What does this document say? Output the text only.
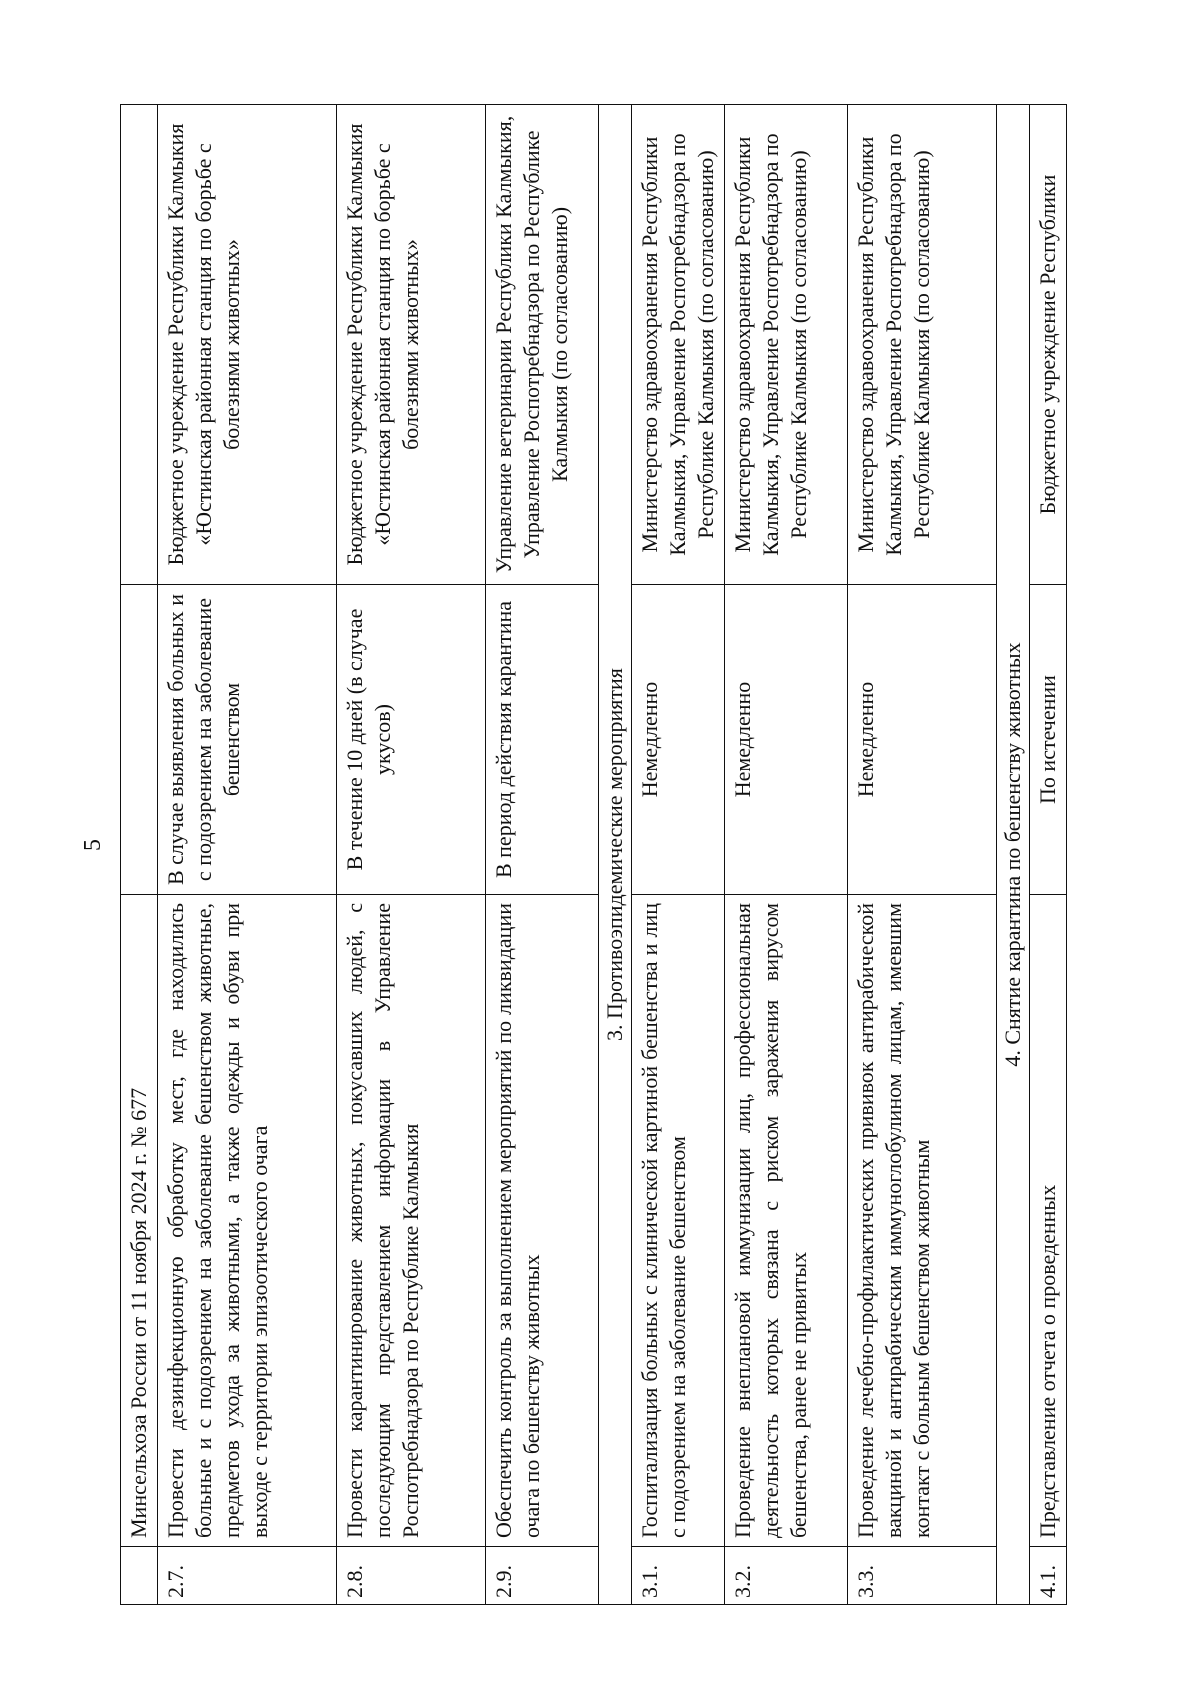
5
	Минсельхоза России от 11 ноября 2024 г. № 677		
2.7.	Провести дезинфекционную обработку мест, где находились больные и с подозрением на заболевание бешенством животные, предметов ухода за животными, а также одежды и обуви при выходе с территории эпизоотического очага	В случае выявления больных и с подозрением на заболевание бешенством	Бюджетное учреждение Республики Калмыкия «Юстинская районная станция по борьбе с болезнями животных»
2.8.	Провести карантинирование животных, покусавших людей, с последующим представлением информации в Управление Роспотребнадзора по Республике Калмыкия	В течение 10 дней (в случае укусов)	Бюджетное учреждение Республики Калмыкия «Юстинская районная станция по борьбе с болезнями животных»
2.9.	Обеспечить контроль за выполнением мероприятий по ликвидации очага по бешенству животных	В период действия карантина	Управление ветеринарии Республики Калмыкия, Управление Роспотребнадзора по Республике Калмыкия (по согласованию)
3. Противоэпидемические мероприятия			
3.1.	Госпитализация больных с клинической картиной бешенства и лиц с подозрением на заболевание бешенством	Немедленно	Министерство здравоохранения Республики Калмыкия, Управление Роспотребнадзора по Республике Калмыкия (по согласованию)
3.2.	Проведение внеплановой иммунизации лиц, профессиональная деятельность которых связана с риском заражения вирусом бешенства, ранее не привитых	Немедленно	Министерство здравоохранения Республики Калмыкия, Управление Роспотребнадзора по Республике Калмыкия (по согласованию)
3.3.	Проведение лечебно-профилактических прививок антирабической вакциной и антирабическим иммуноглобулином лицам, имевшим контакт с больным бешенством животным	Немедленно	Министерство здравоохранения Республики Калмыкия, Управление Роспотребнадзора по Республике Калмыкия (по согласованию)
4. Снятие карантина по бешенству животных			
4.1.	Представление отчета о проведенных	По истечении	Бюджетное учреждение Республики
